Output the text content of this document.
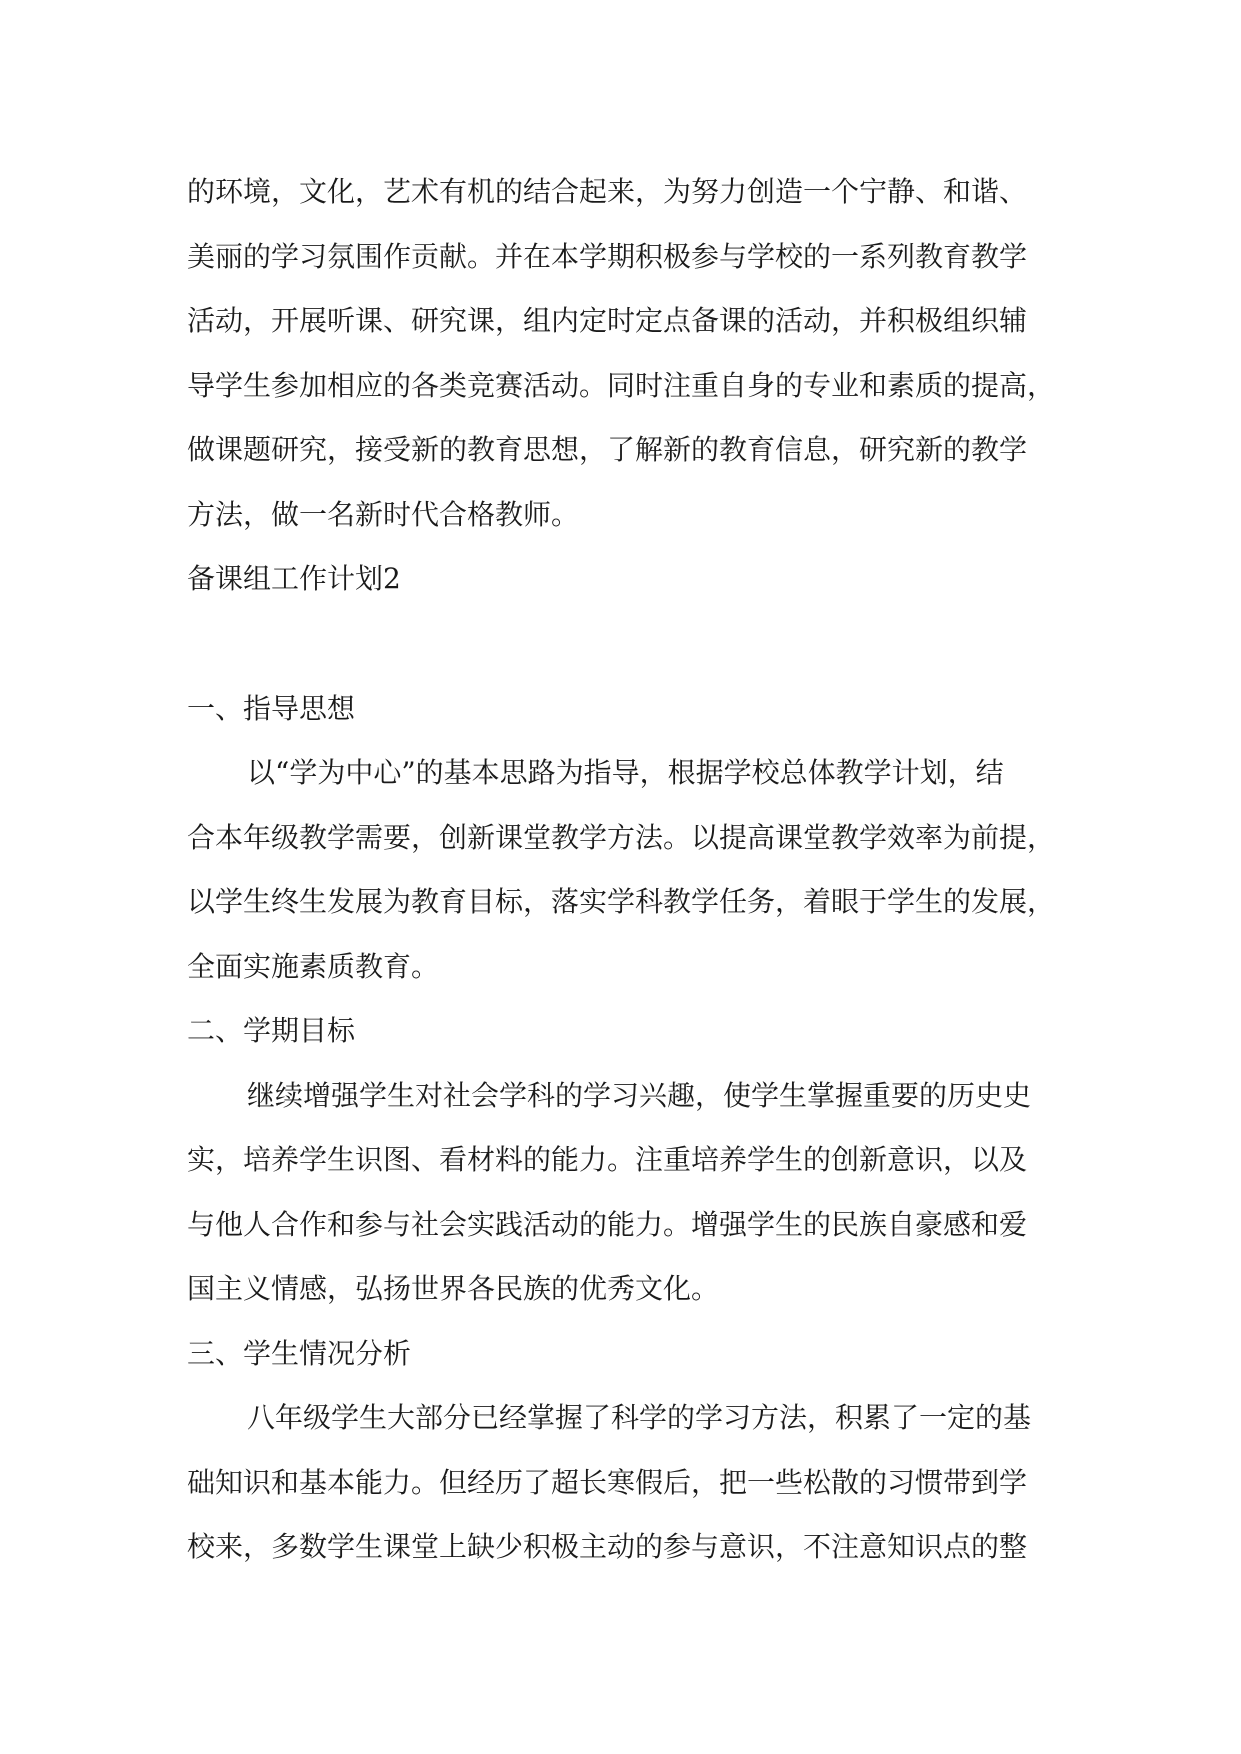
的环境，文化，艺术有机的结合起来，为努力创造一个宁静、和谐、
美丽的学习氛围作贡献。并在本学期积极参与学校的一系列教育教学
活动，开展听课、研究课，组内定时定点备课的活动，并积极组织辅
导学生参加相应的各类竞赛活动。同时注重自身的专业和素质的提高，
做课题研究，接受新的教育思想，了解新的教育信息，研究新的教学
方法，做一名新时代合格教师。

备课组工作计划2

一、指导思想

以“学为中心”的基本思路为指导，根据学校总体教学计划，结
合本年级教学需要，创新课堂教学方法。以提高课堂教学效率为前提，
以学生终生发展为教育目标，落实学科教学任务，着眼于学生的发展，
全面实施素质教育。

二、学期目标

继续增强学生对社会学科的学习兴趣，使学生掌握重要的历史史
实，培养学生识图、看材料的能力。注重培养学生的创新意识，以及
与他人合作和参与社会实践活动的能力。增强学生的民族自豪感和爱
国主义情感，弘扬世界各民族的优秀文化。

三、学生情况分析

八年级学生大部分已经掌握了科学的学习方法，积累了一定的基
础知识和基本能力。但经历了超长寒假后，把一些松散的习惯带到学
校来，多数学生课堂上缺少积极主动的参与意识，不注意知识点的整
